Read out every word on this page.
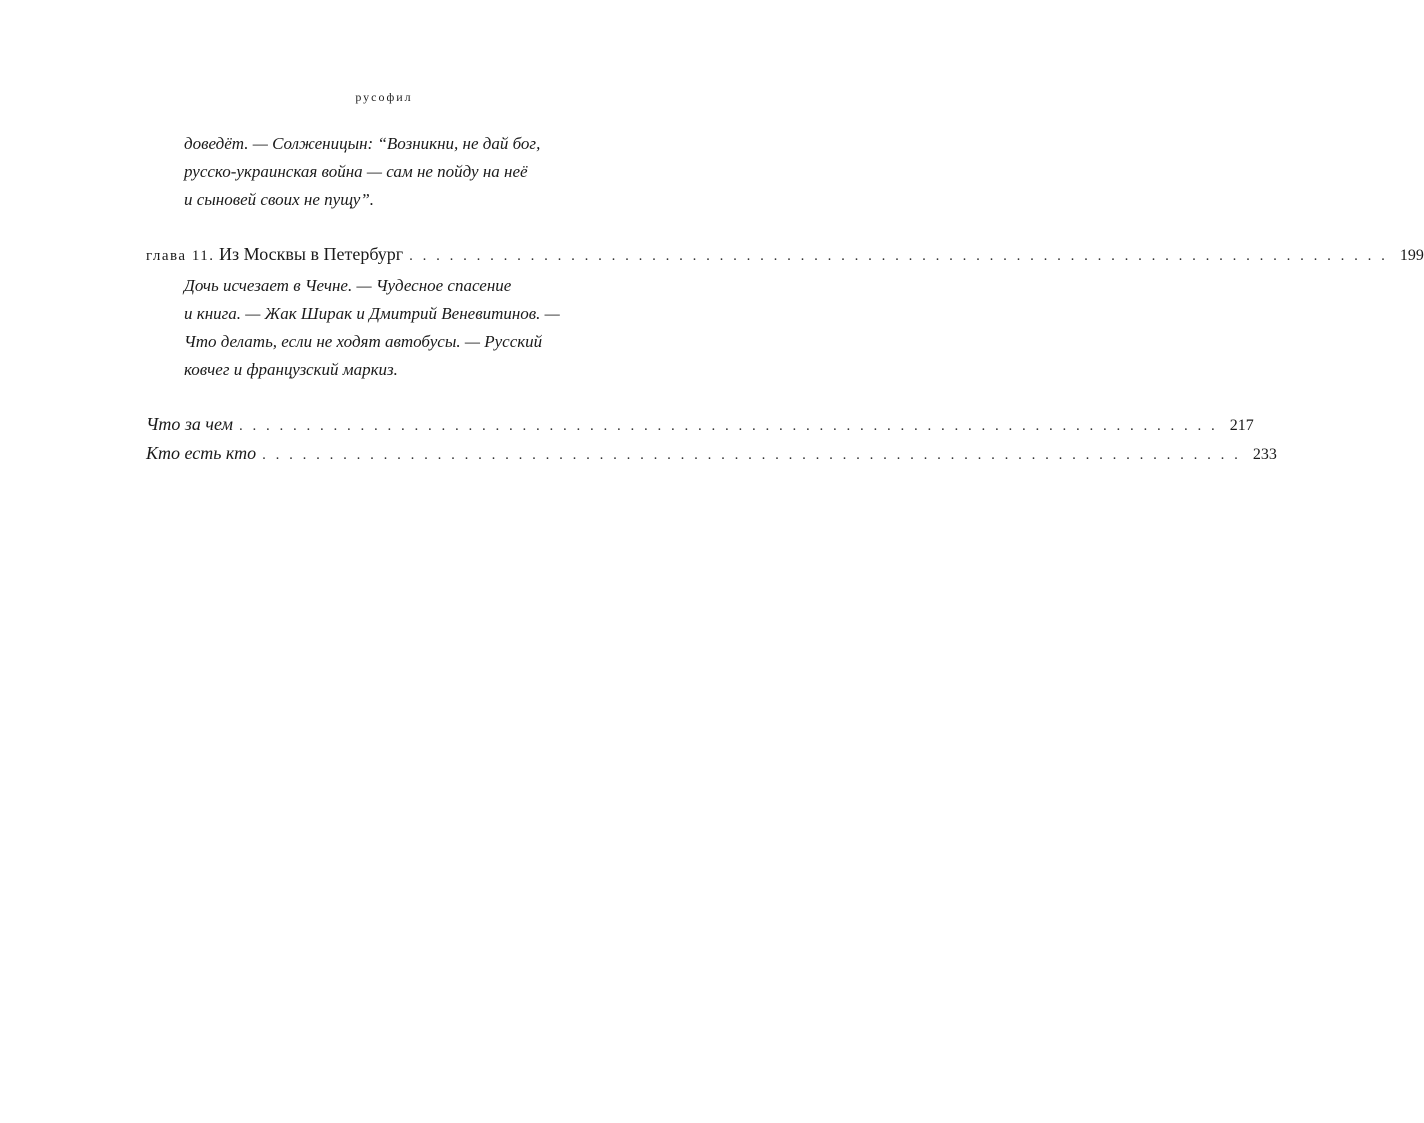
русофил
доведёт. — Солженицын: “Возникни, не дай бог,
русско-украинская война — сам не пойду на неё
и сыновей своих не пущу”.
глава 11. Из Москвы в Петербург . . . . . . . . . . . . . . . . . . . . . . . . . . . . . . . . . . . . . . . . . . . . . . . . . . . . . . . . . . . . . . . . . . . . . . . . . 199
Дочь исчезает в Чечне. — Чудесное спасение
и книга. — Жак Ширак и Дмитрий Веневитинов. —
Что делать, если не ходят автобусы. — Русский
ковчег и французский маркиз.
Что за чем . . . . . . . . . . . . . . . . . . . . . . . . . . . . . . . . . . . . . . . . . . . . . . . . . . . . . . . . . . . . . . . . . . . . . . . . . 217
Кто есть кто . . . . . . . . . . . . . . . . . . . . . . . . . . . . . . . . . . . . . . . . . . . . . . . . . . . . . . . . . . . . . . . . . . . . . . . . . 233
